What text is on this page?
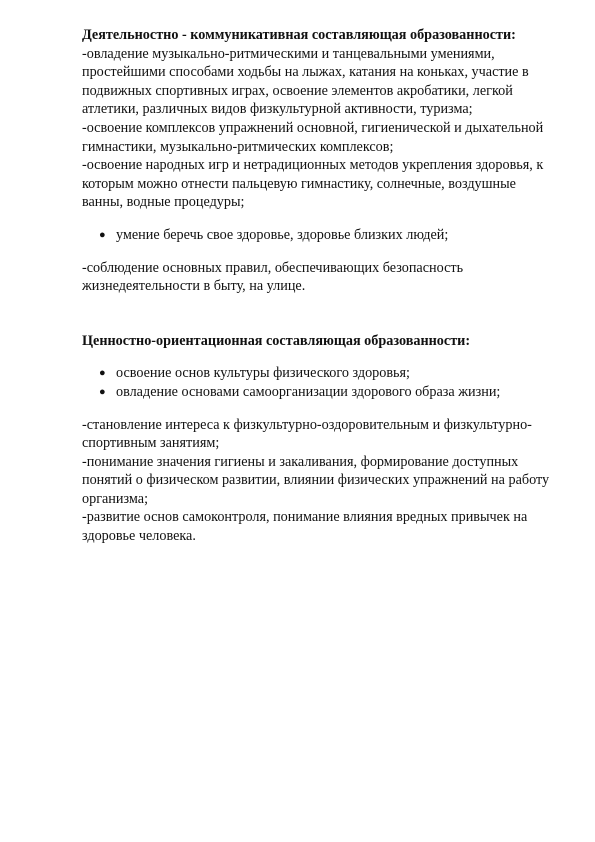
Деятельностно - коммуникативная составляющая образованности:

-овладение музыкально-ритмическими и танцевальными умениями, простейшими способами ходьбы на лыжах, катания на коньках, участие в подвижных спортивных играх, освоение элементов акробатики, легкой атлетики, различных видов физкультурной активности, туризма;

-освоение комплексов упражнений основной, гигиенической и дыхательной гимнастики, музыкально-ритмических комплексов;

-освоение народных игр и нетрадиционных методов укрепления здоровья, к которым можно отнести пальцевую гимнастику, солнечные, воздушные ванны, водные процедуры;

● умение беречь свое здоровье, здоровье близких людей;

-соблюдение основных правил, обеспечивающих безопасность жизнедеятельности в быту, на улице.

Ценностно-ориентационная составляющая образованности:

● освоение основ культуры физического здоровья;
● овладение основами самоорганизации здорового образа жизни;

-становление интереса к физкультурно-оздоровительным и физкультурно-спортивным занятиям;

-понимание значения гигиены и закаливания, формирование доступных понятий о физическом развитии, влиянии физических упражнений на работу организма;

-развитие основ самоконтроля, понимание влияния вредных привычек на здоровье человека.
